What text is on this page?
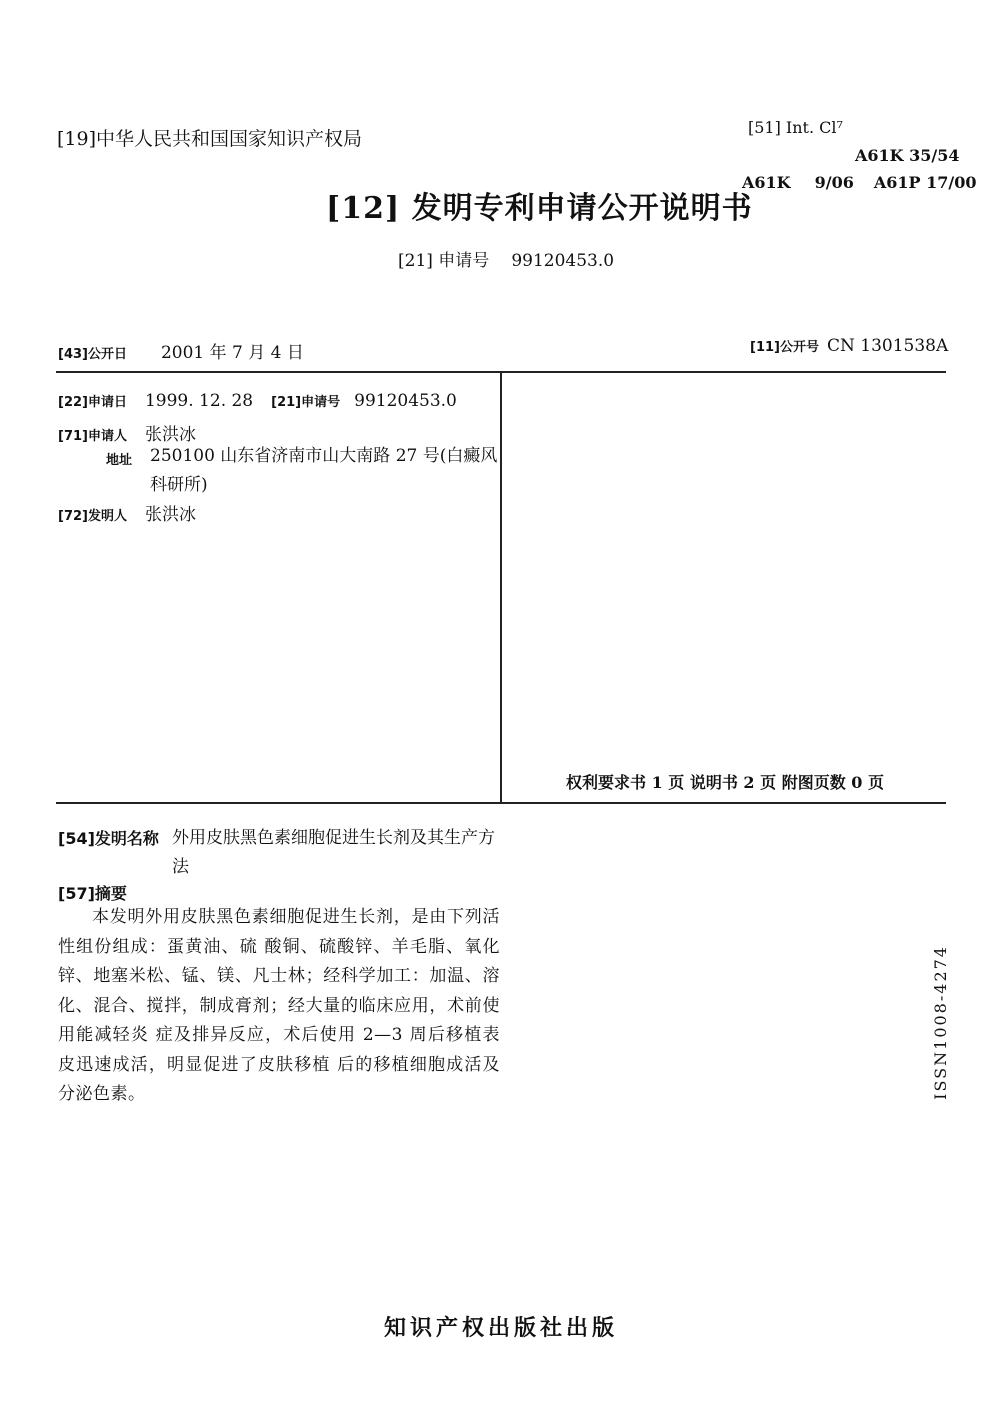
[19]中华人民共和国国家知识产权局
[12] 发明专利申请公开说明书
[21] 申请号 99120453.0
[51] Int. Cl⁷
A61K 35/54
A61K 9/06 A61P 17/00
[43]公开日 2001 年 7 月 4 日	[11]公开号 CN 1301538A
[22]申请日 1999. 12. 28 [21]申请号 99120453.0
[71]申请人 张洪冰
地址 250100 山东省济南市山大南路 27 号(白癜风科研所)
[72]发明人 张洪冰
权利要求书 1 页 说明书 2 页 附图页数 0 页
[54]发明名称 外用皮肤黑色素细胞促进生长剂及其生产方法
[57]摘要
本发明外用皮肤黑色素细胞促进生长剂，是由下列活性组份组成：蛋黄油、硫 酸铜、硫酸锌、羊毛脂、氧化锌、地塞米松、锰、镁、凡士林；经科学加工：加温、溶化、混合、搅拌，制成膏剂；经大量的临床应用，术前使用能减轻炎 症及排异反应，术后使用 2—3 周后移植表皮迅速成活，明显促进了皮肤移植 后的移植细胞成活及分泌色素。	ISSN1008-4274
知识产权出版社出版
